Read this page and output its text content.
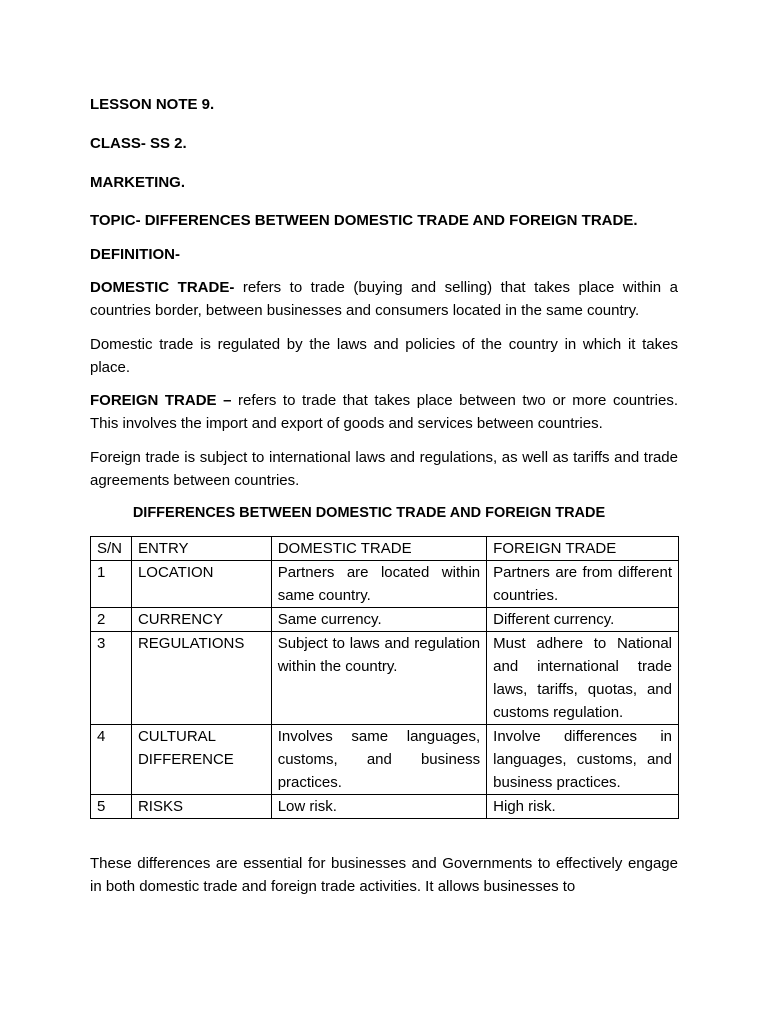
LESSON NOTE 9.
CLASS- SS 2.
MARKETING.
TOPIC- DIFFERENCES BETWEEN DOMESTIC TRADE AND FOREIGN TRADE.
DEFINITION-
DOMESTIC TRADE- refers to trade (buying and selling) that takes place within a countries border, between businesses and consumers located in the same country.
Domestic trade is regulated by the laws and policies of the country in which it takes place.
FOREIGN TRADE – refers to trade that takes place between two or more countries. This involves the import and export of goods and services between countries.
Foreign trade is subject to international laws and regulations, as well as tariffs and trade agreements between countries.
DIFFERENCES BETWEEN DOMESTIC TRADE AND FOREIGN TRADE
S/N	ENTRY	DOMESTIC TRADE	FOREIGN TRADE
1	LOCATION	Partners are located within same country.	Partners are from different countries.
2	CURRENCY	Same currency.	Different currency.
3	REGULATIONS	Subject to laws and regulation within the country.	Must adhere to National and international trade laws, tariffs, quotas, and customs regulation.
4	CULTURAL DIFFERENCE	Involves same languages, customs, and business practices.	Involve differences in languages, customs, and business practices.
5	RISKS	Low risk.	High risk.
These differences are essential for businesses and Governments to effectively engage in both domestic trade and foreign trade activities. It allows businesses to
